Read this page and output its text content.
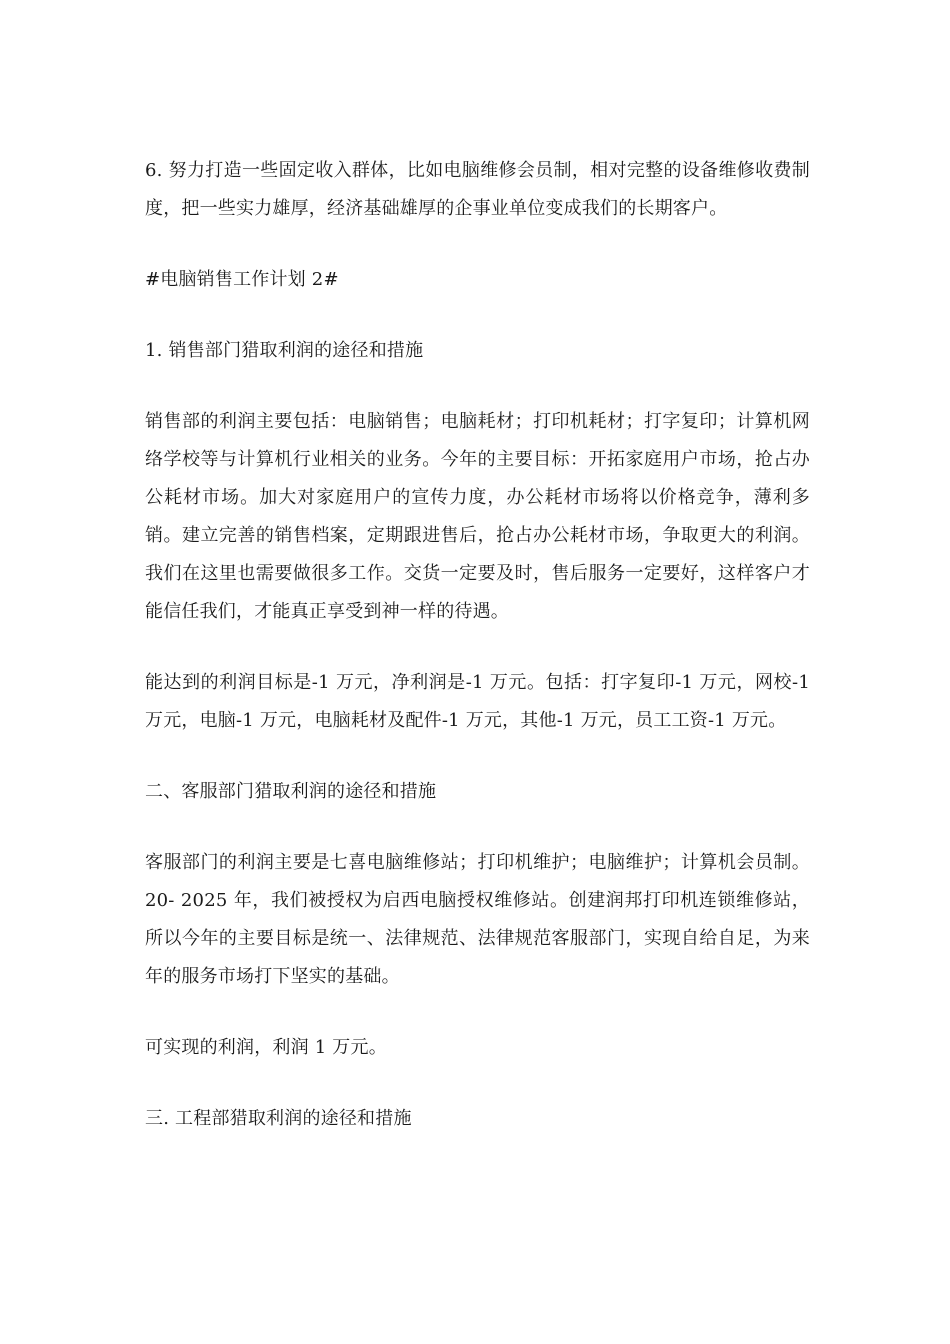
6. 努力打造一些固定收入群体，比如电脑维修会员制，相对完整的设备维修收费制度，把一些实力雄厚，经济基础雄厚的企事业单位变成我们的长期客户。

#电脑销售工作计划 2#

1. 销售部门猎取利润的途径和措施

销售部的利润主要包括：电脑销售；电脑耗材；打印机耗材；打字复印；计算机网络学校等与计算机行业相关的业务。今年的主要目标：开拓家庭用户市场，抢占办公耗材市场。加大对家庭用户的宣传力度，办公耗材市场将以价格竞争，薄利多销。建立完善的销售档案，定期跟进售后，抢占办公耗材市场，争取更大的利润。我们在这里也需要做很多工作。交货一定要及时，售后服务一定要好，这样客户才能信任我们，才能真正享受到神一样的待遇。

能达到的利润目标是-1 万元，净利润是-1 万元。包括：打字复印-1 万元，网校-1 万元，电脑-1 万元，电脑耗材及配件-1 万元，其他-1 万元，员工工资-1 万元。

二、客服部门猎取利润的途径和措施

客服部门的利润主要是七喜电脑维修站；打印机维护；电脑维护；计算机会员制。20- 2025 年，我们被授权为启西电脑授权维修站。创建润邦打印机连锁维修站，所以今年的主要目标是统一、法律规范、法律规范客服部门，实现自给自足，为来年的服务市场打下坚实的基础。

可实现的利润，利润 1 万元。

三. 工程部猎取利润的途径和措施
